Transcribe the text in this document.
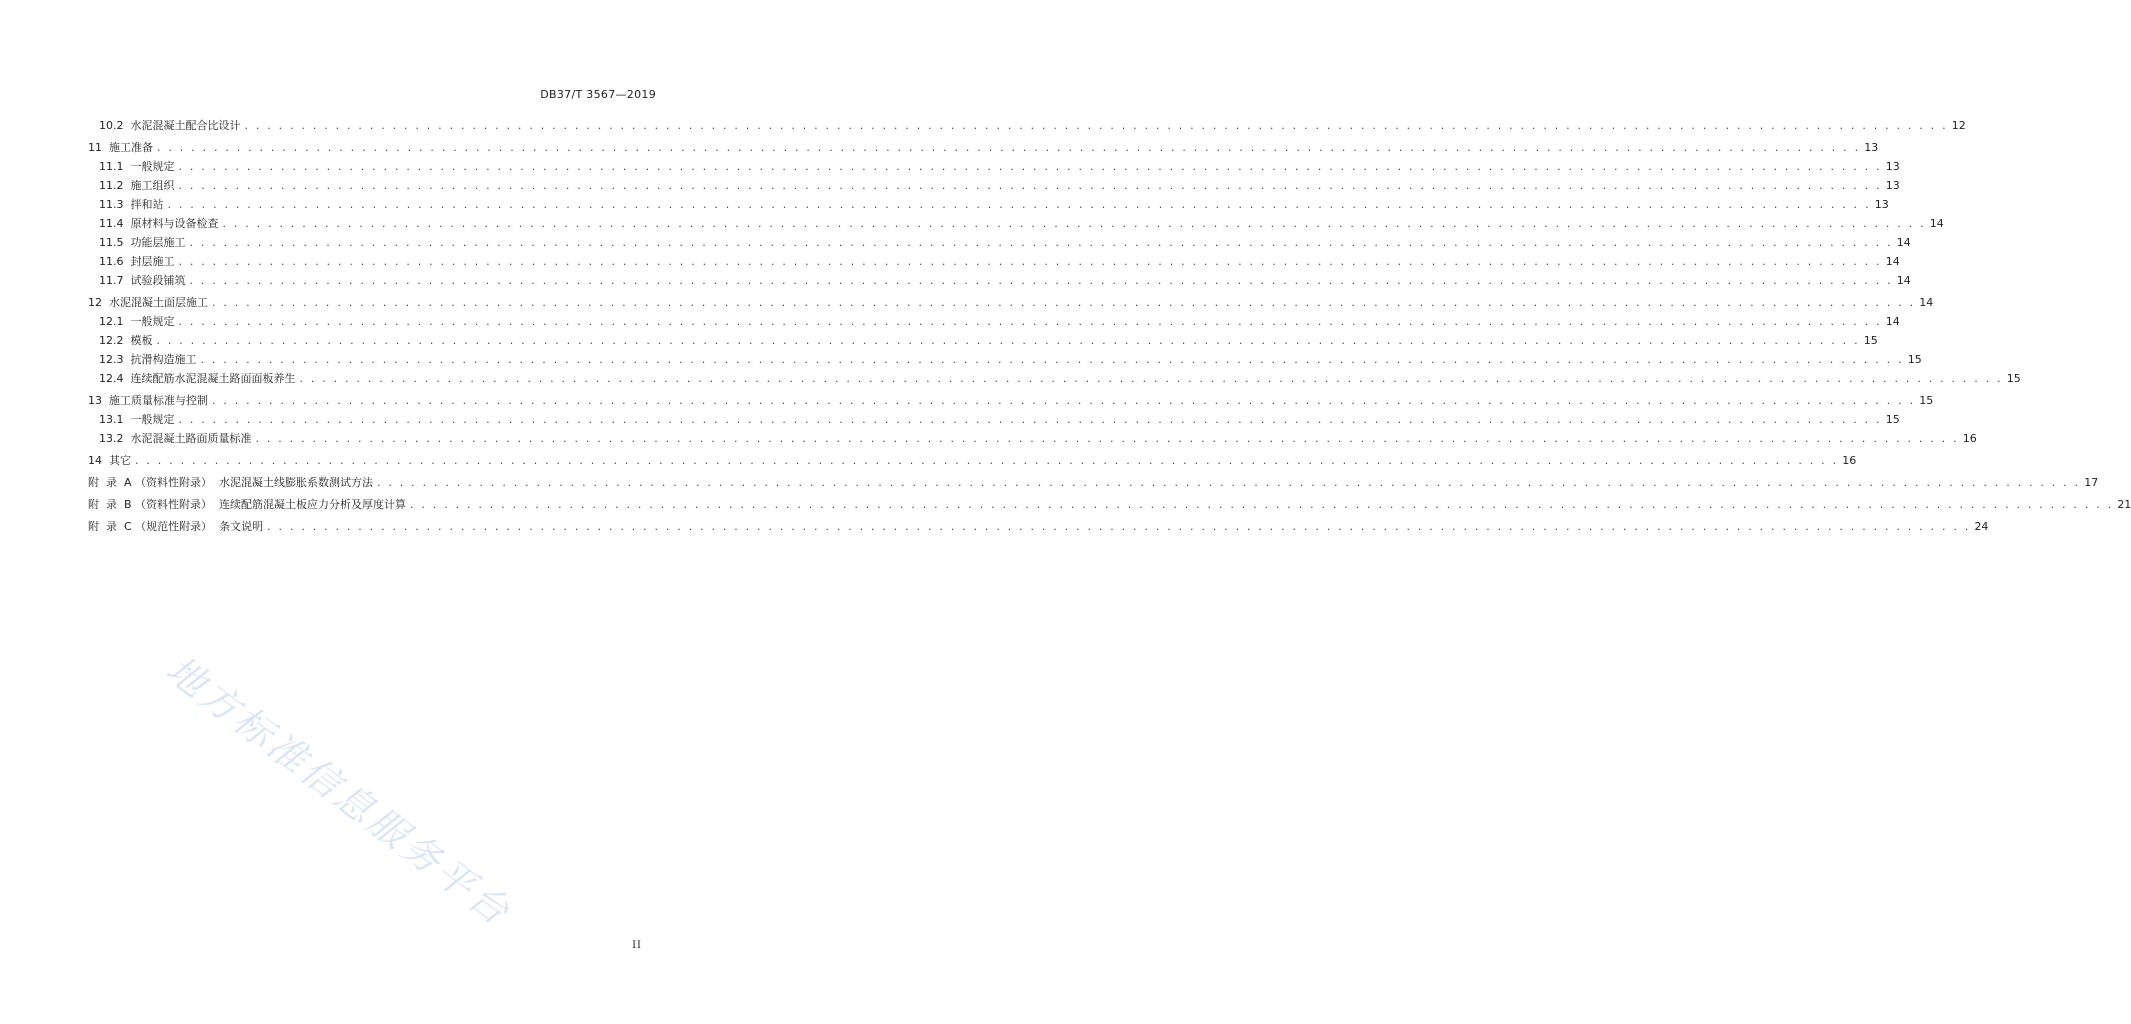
DB37/T 3567—2019
10.2  水泥混凝土配合比设计 . . . . . . . . . . . . . . . . . . . . . . . . . . . . . . . . . . . . . . . . . . . . . . . . . . . . . . . . . . . . . . . . . . . . . . . . . . . . . . . . . . . . . . . . . . . . . . . . . . . . . . . . . . . . . . . . . . . . . . . . . . . . . . . . . . . . . . . . . . . . . . . . . . . . . . 12
11  施工准备 . . . . . . . . . . . . . . . . . . . . . . . . . . . . . . . . . . . . . . . . . . . . . . . . . . . . . . . . . . . . . . . . . . . . . . . . . . . . . . . . . . . . . . . . . . . . . . . . . . . . . . . . . . . . . . . . . . . . . . . . . . . . . . . . . . . . . . . . . . . . . . . . . . . . . . 13
11.1  一般规定 . . . . . . . . . . . . . . . . . . . . . . . . . . . . . . . . . . . . . . . . . . . . . . . . . . . . . . . . . . . . . . . . . . . . . . . . . . . . . . . . . . . . . . . . . . . . . . . . . . . . . . . . . . . . . . . . . . . . . . . . . . . . . . . . . . . . . . . . . . . . . . . . . . . . . . 13
11.2  施工组织 . . . . . . . . . . . . . . . . . . . . . . . . . . . . . . . . . . . . . . . . . . . . . . . . . . . . . . . . . . . . . . . . . . . . . . . . . . . . . . . . . . . . . . . . . . . . . . . . . . . . . . . . . . . . . . . . . . . . . . . . . . . . . . . . . . . . . . . . . . . . . . . . . . . . . . 13
11.3  拌和站 . . . . . . . . . . . . . . . . . . . . . . . . . . . . . . . . . . . . . . . . . . . . . . . . . . . . . . . . . . . . . . . . . . . . . . . . . . . . . . . . . . . . . . . . . . . . . . . . . . . . . . . . . . . . . . . . . . . . . . . . . . . . . . . . . . . . . . . . . . . . . . . . . . . . . . 13
11.4  原材料与设备检查 . . . . . . . . . . . . . . . . . . . . . . . . . . . . . . . . . . . . . . . . . . . . . . . . . . . . . . . . . . . . . . . . . . . . . . . . . . . . . . . . . . . . . . . . . . . . . . . . . . . . . . . . . . . . . . . . . . . . . . . . . . . . . . . . . . . . . . . . . . . . . . . . . . . . . . 14
11.5  功能层施工 . . . . . . . . . . . . . . . . . . . . . . . . . . . . . . . . . . . . . . . . . . . . . . . . . . . . . . . . . . . . . . . . . . . . . . . . . . . . . . . . . . . . . . . . . . . . . . . . . . . . . . . . . . . . . . . . . . . . . . . . . . . . . . . . . . . . . . . . . . . . . . . . . . . . . . 14
11.6  封层施工 . . . . . . . . . . . . . . . . . . . . . . . . . . . . . . . . . . . . . . . . . . . . . . . . . . . . . . . . . . . . . . . . . . . . . . . . . . . . . . . . . . . . . . . . . . . . . . . . . . . . . . . . . . . . . . . . . . . . . . . . . . . . . . . . . . . . . . . . . . . . . . . . . . . . . . 14
11.7  试验段铺筑 . . . . . . . . . . . . . . . . . . . . . . . . . . . . . . . . . . . . . . . . . . . . . . . . . . . . . . . . . . . . . . . . . . . . . . . . . . . . . . . . . . . . . . . . . . . . . . . . . . . . . . . . . . . . . . . . . . . . . . . . . . . . . . . . . . . . . . . . . . . . . . . . . . . . . . 14
12  水泥混凝土面层施工 . . . . . . . . . . . . . . . . . . . . . . . . . . . . . . . . . . . . . . . . . . . . . . . . . . . . . . . . . . . . . . . . . . . . . . . . . . . . . . . . . . . . . . . . . . . . . . . . . . . . . . . . . . . . . . . . . . . . . . . . . . . . . . . . . . . . . . . . . . . . . . . . . . . . . . 14
12.1  一般规定 . . . . . . . . . . . . . . . . . . . . . . . . . . . . . . . . . . . . . . . . . . . . . . . . . . . . . . . . . . . . . . . . . . . . . . . . . . . . . . . . . . . . . . . . . . . . . . . . . . . . . . . . . . . . . . . . . . . . . . . . . . . . . . . . . . . . . . . . . . . . . . . . . . . . . . 14
12.2  模板 . . . . . . . . . . . . . . . . . . . . . . . . . . . . . . . . . . . . . . . . . . . . . . . . . . . . . . . . . . . . . . . . . . . . . . . . . . . . . . . . . . . . . . . . . . . . . . . . . . . . . . . . . . . . . . . . . . . . . . . . . . . . . . . . . . . . . . . . . . . . . . . . . . . . . . 15
12.3  抗滑构造施工 . . . . . . . . . . . . . . . . . . . . . . . . . . . . . . . . . . . . . . . . . . . . . . . . . . . . . . . . . . . . . . . . . . . . . . . . . . . . . . . . . . . . . . . . . . . . . . . . . . . . . . . . . . . . . . . . . . . . . . . . . . . . . . . . . . . . . . . . . . . . . . . . . . . . . . 15
12.4  连续配筋水泥混凝土路面面板养生 . . . . . . . . . . . . . . . . . . . . . . . . . . . . . . . . . . . . . . . . . . . . . . . . . . . . . . . . . . . . . . . . . . . . . . . . . . . . . . . . . . . . . . . . . . . . . . . . . . . . . . . . . . . . . . . . . . . . . . . . . . . . . . . . . . . . . . . . . . . . . . . . . . . . . . 15
13  施工质量标准与控制 . . . . . . . . . . . . . . . . . . . . . . . . . . . . . . . . . . . . . . . . . . . . . . . . . . . . . . . . . . . . . . . . . . . . . . . . . . . . . . . . . . . . . . . . . . . . . . . . . . . . . . . . . . . . . . . . . . . . . . . . . . . . . . . . . . . . . . . . . . . . . . . . . . . . . . 15
13.1  一般规定 . . . . . . . . . . . . . . . . . . . . . . . . . . . . . . . . . . . . . . . . . . . . . . . . . . . . . . . . . . . . . . . . . . . . . . . . . . . . . . . . . . . . . . . . . . . . . . . . . . . . . . . . . . . . . . . . . . . . . . . . . . . . . . . . . . . . . . . . . . . . . . . . . . . . . . 15
13.2  水泥混凝土路面质量标准 . . . . . . . . . . . . . . . . . . . . . . . . . . . . . . . . . . . . . . . . . . . . . . . . . . . . . . . . . . . . . . . . . . . . . . . . . . . . . . . . . . . . . . . . . . . . . . . . . . . . . . . . . . . . . . . . . . . . . . . . . . . . . . . . . . . . . . . . . . . . . . . . . . . . . . 16
14  其它 . . . . . . . . . . . . . . . . . . . . . . . . . . . . . . . . . . . . . . . . . . . . . . . . . . . . . . . . . . . . . . . . . . . . . . . . . . . . . . . . . . . . . . . . . . . . . . . . . . . . . . . . . . . . . . . . . . . . . . . . . . . . . . . . . . . . . . . . . . . . . . . . . . . . . . 16
附  录  A （资料性附录）  水泥混凝土线膨胀系数测试方法 . . . . . . . . . . . . . . . . . . . . . . . . . . . . . . . . . . . . . . . . . . . . . . . . . . . . . . . . . . . . . . . . . . . . . . . . . . . . . . . . . . . . . . . . . . . . . . . . . . . . . . . . . . . . . . . . . . . . . . . . . . . . . . . . . . . . . . . . . . . . . . . . . . . . . . 17
附  录  B （资料性附录）  连续配筋混凝土板应力分析及厚度计算 . . . . . . . . . . . . . . . . . . . . . . . . . . . . . . . . . . . . . . . . . . . . . . . . . . . . . . . . . . . . . . . . . . . . . . . . . . . . . . . . . . . . . . . . . . . . . . . . . . . . . . . . . . . . . . . . . . . . . . . . . . . . . . . . . . . . . . . . . . . . . . . . . . . . . . 21
附  录  C （规范性附录）  条文说明 . . . . . . . . . . . . . . . . . . . . . . . . . . . . . . . . . . . . . . . . . . . . . . . . . . . . . . . . . . . . . . . . . . . . . . . . . . . . . . . . . . . . . . . . . . . . . . . . . . . . . . . . . . . . . . . . . . . . . . . . . . . . . . . . . . . . . . . . . . . . . . . . . . . . . . 24
地方标准信息服务平台
II
